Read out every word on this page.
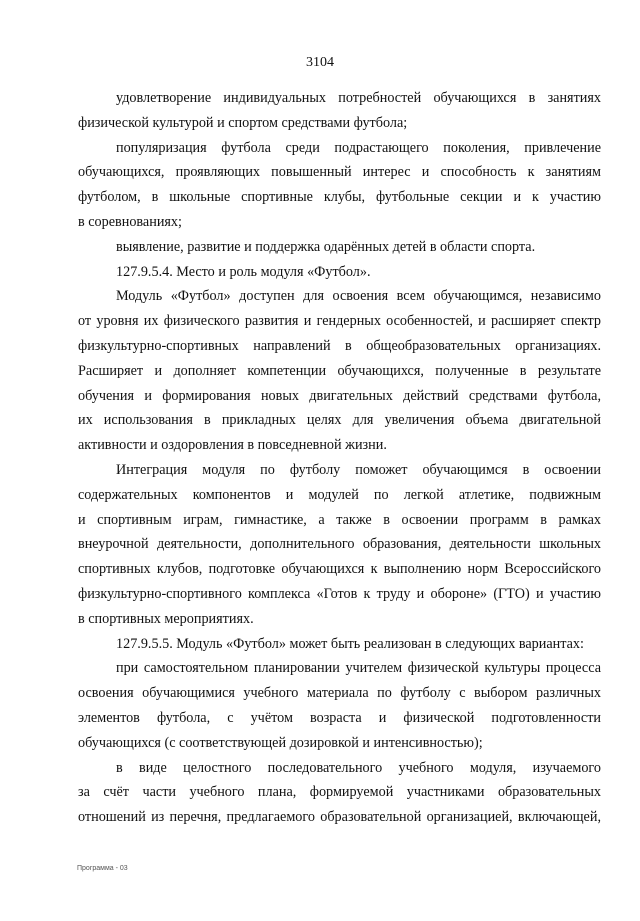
3104
удовлетворение индивидуальных потребностей обучающихся в занятиях
физической культурой и спортом средствами футбола;
популяризация футбола среди подрастающего поколения, привлечение
обучающихся, проявляющих повышенный интерес и способность к занятиям
футболом, в школьные спортивные клубы, футбольные секции и к участию
в соревнованиях;
выявление, развитие и поддержка одарённых детей в области спорта.
127.9.5.4. Место и роль модуля «Футбол».
Модуль «Футбол» доступен для освоения всем обучающимся, независимо
от уровня их физического развития и гендерных особенностей, и расширяет спектр
физкультурно-спортивных направлений в общеобразовательных организациях.
Расширяет и дополняет компетенции обучающихся, полученные в результате
обучения и формирования новых двигательных действий средствами футбола,
их использования в прикладных целях для увеличения объема двигательной
активности и оздоровления в повседневной жизни.
Интеграция модуля по футболу поможет обучающимся в освоении
содержательных компонентов и модулей по легкой атлетике, подвижным
и спортивным играм, гимнастике, а также в освоении программ в рамках
внеурочной деятельности, дополнительного образования, деятельности школьных
спортивных клубов, подготовке обучающихся к выполнению норм Всероссийского
физкультурно-спортивного комплекса «Готов к труду и обороне» (ГТО) и участию
в спортивных мероприятиях.
127.9.5.5. Модуль «Футбол» может быть реализован в следующих вариантах:
при самостоятельном планировании учителем физической культуры процесса
освоения обучающимися учебного материала по футболу с выбором различных
элементов футбола, с учётом возраста и физической подготовленности
обучающихся (с соответствующей дозировкой и интенсивностью);
в виде целостного последовательного учебного модуля, изучаемого
за счёт части учебного плана, формируемой участниками образовательных
отношений из перечня, предлагаемого образовательной организацией, включающей,
Программа - 03
